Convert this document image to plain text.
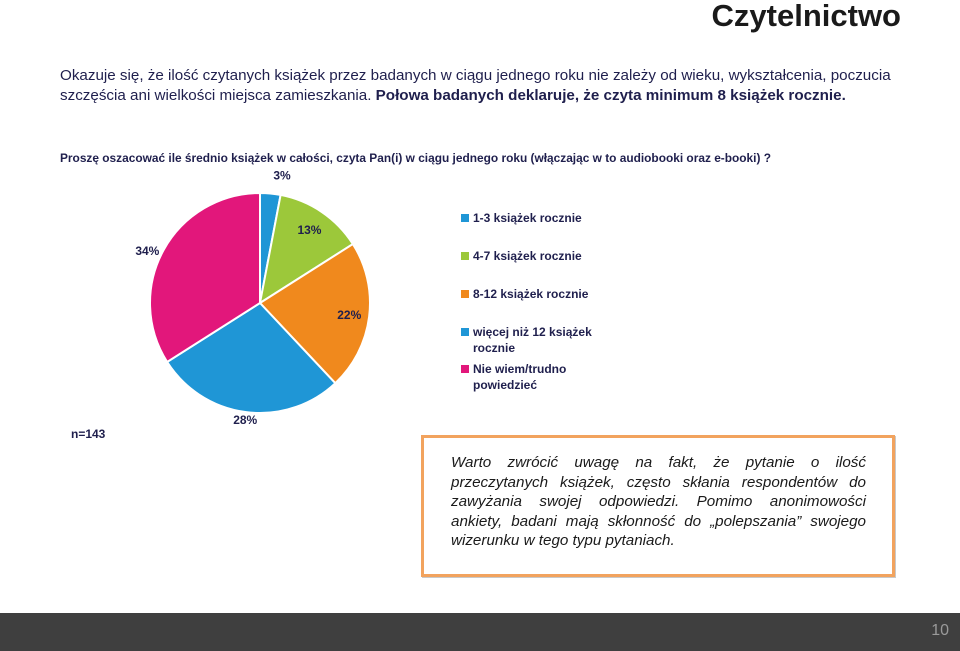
Czytelnictwo
Okazuje się, że ilość czytanych książek przez badanych w ciągu jednego roku nie zależy od wieku, wykształcenia, poczucia szczęścia ani wielkości miejsca zamieszkania. Połowa badanych deklaruje, że czyta minimum 8 książek rocznie.
Proszę oszacować ile średnio książek w całości, czyta Pan(i) w ciągu jednego roku (włączając w to audiobooki oraz e-booki) ?
3%
13%
22%
28%
34%
1-3 książek rocznie
4-7 książek rocznie
8-12 książek rocznie
więcej niż 12 książek rocznie
Nie wiem/trudno powiedzieć
n=143

Warto zwrócić uwagę na fakt, że pytanie o ilość przeczytanych książek, często skłania respondentów do zawyżania swojej odpowiedzi. Pomimo anonimowości ankiety, badani mają skłonność do „polepszania” swojego wizerunku w tego typu pytaniach.

10
